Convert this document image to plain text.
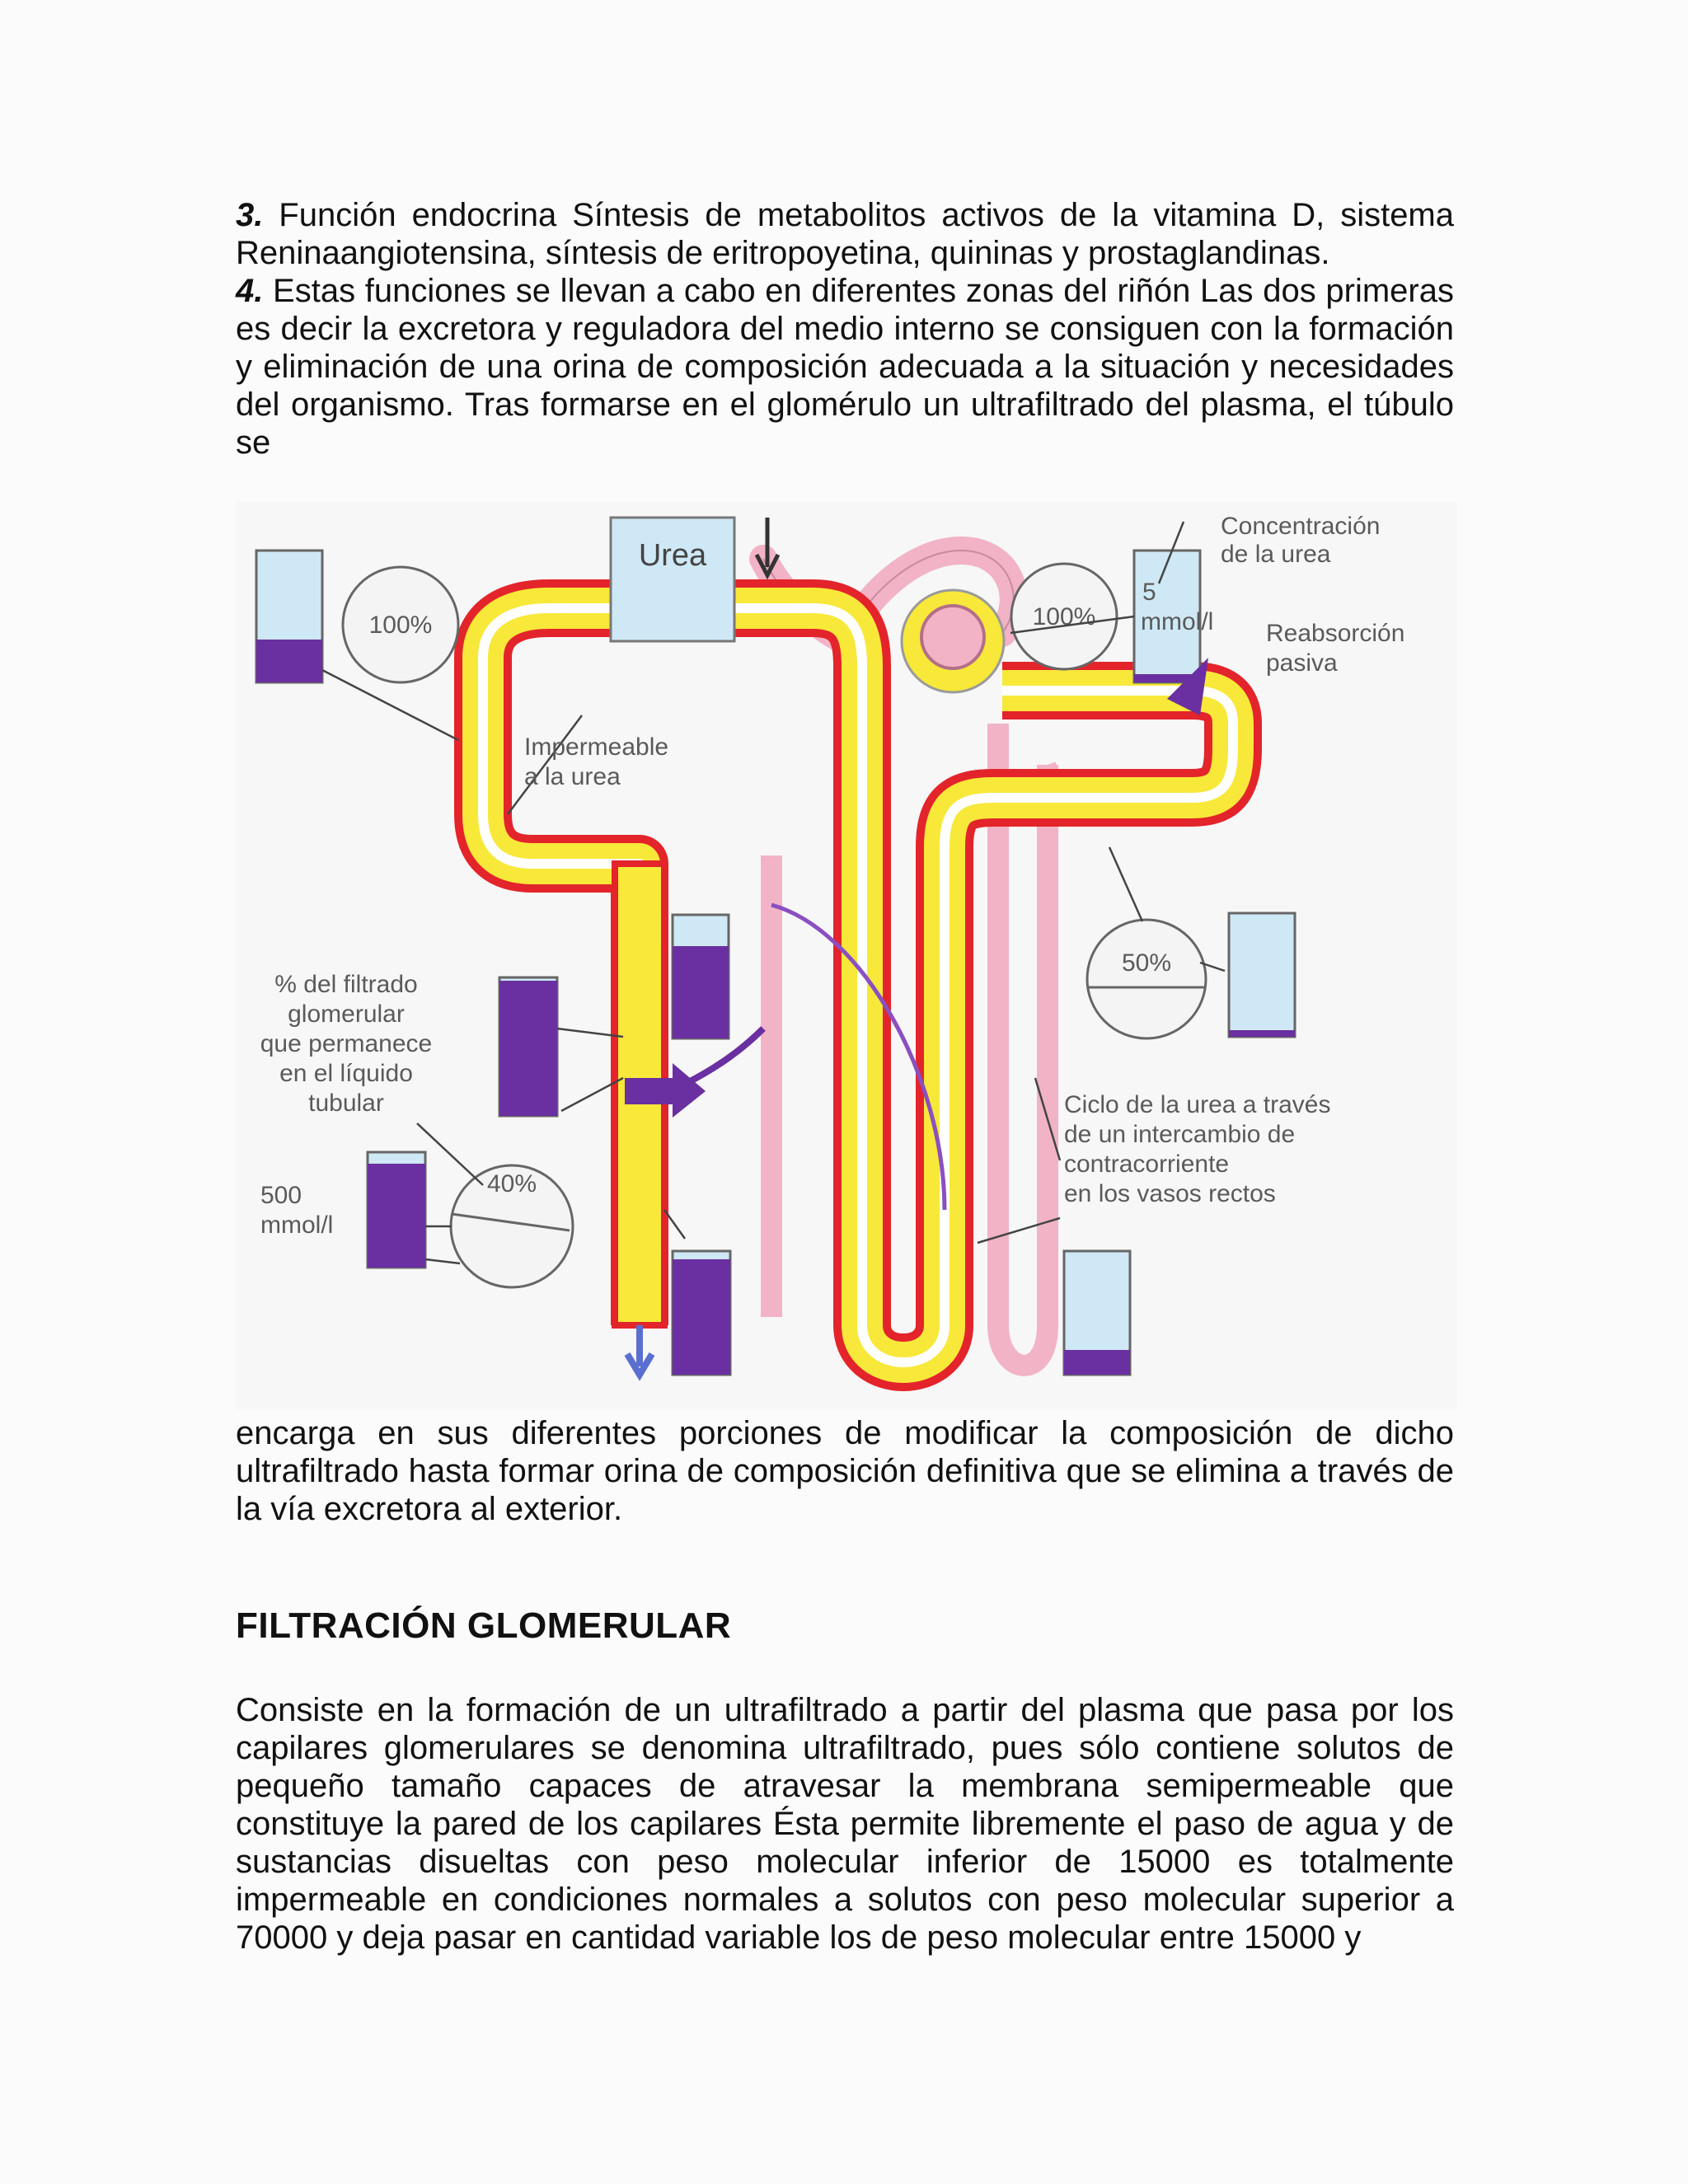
3. Función endocrina Síntesis de metabolitos activos de la vitamina D, sistema Reninaangiotensina, síntesis de eritropoyetina, quininas y prostaglandinas.

4. Estas funciones se llevan a cabo en diferentes zonas del riñón Las dos primeras es decir la excretora y reguladora del medio interno se consiguen con la formación y eliminación de una orina de composición adecuada a la situación y necesidades del organismo. Tras formarse en el glomérulo un ultrafiltrado del plasma, el túbulo se

Urea
100%	100%
50%
40%
Concentración
de la urea
5
mmol/l Reabsorción
pasiva
Impermeable
a la urea
% del filtrado
glomerular
que permanece
en el líquido
tubular
500
mmol/l
Ciclo de la urea a través
de un intercambio de
contracorriente
en los vasos rectos

encarga en sus diferentes porciones de modificar la composición de dicho ultrafiltrado hasta formar orina de composición definitiva que se elimina a través de la vía excretora al exterior.

FILTRACIÓN GLOMERULAR

Consiste en la formación de un ultrafiltrado a partir del plasma que pasa por los capilares glomerulares se denomina ultrafiltrado, pues sólo contiene solutos de pequeño tamaño capaces de atravesar la membrana semipermeable que constituye la pared de los capilares Ésta permite libremente el paso de agua y de sustancias disueltas con peso molecular inferior de 15000 es totalmente impermeable en condiciones normales a solutos con peso molecular superior a 70000 y deja pasar en cantidad variable los de peso molecular entre 15000 y
